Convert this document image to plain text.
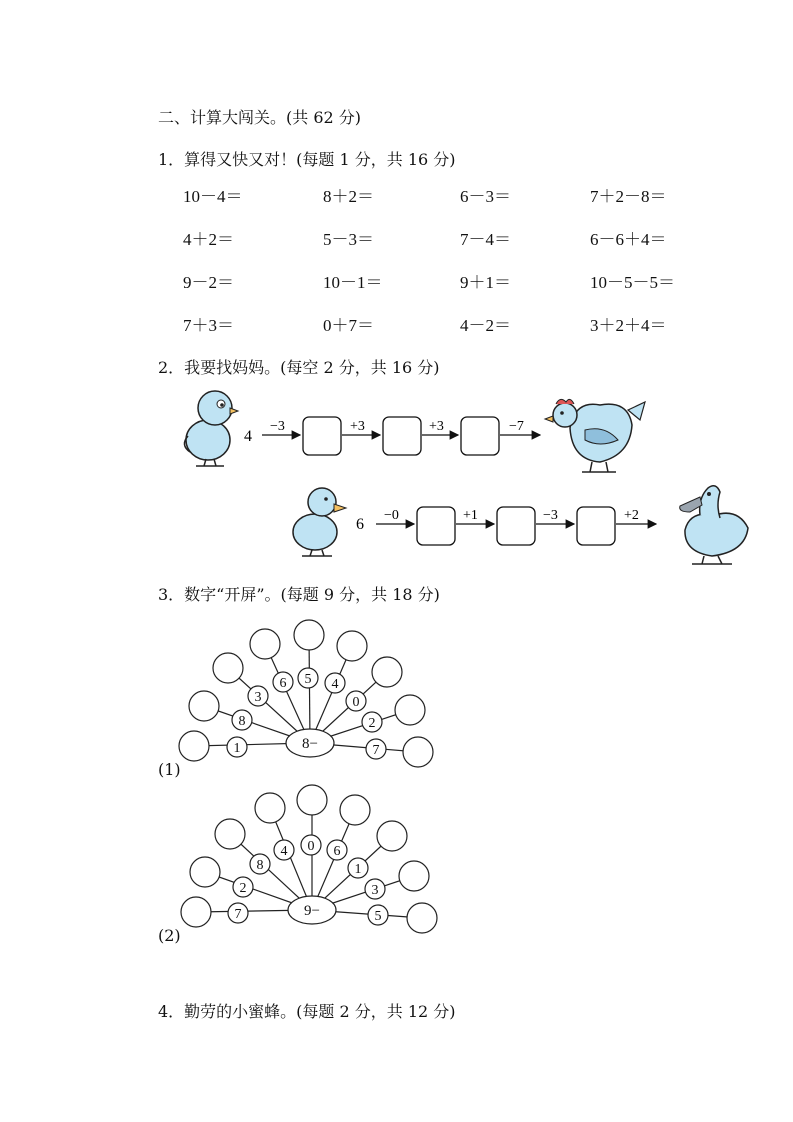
二、计算大闯关。(共 62 分)
1．算得又快又对！(每题 1 分，共 16 分)
10－4＝	8＋2＝	6－3＝	7＋2－8＝
4＋2＝	5－3＝	7－4＝	6－6＋4＝
9－2＝	10－1＝	9＋1＝	10－5－5＝
7＋3＝	0＋7＝	4－2＝	3＋2＋4＝
2．我要找妈妈。(每空 2 分，共 16 分)
4
−3	+3	+3	−7
6
−0	+1	−3	+2
1
8
3
6 5 4
0
2
7
8−
7
2
8
4 0 6
1
3
5
9−
3．数字“开屏”。(每题 9 分，共 18 分)
(1)
(2)
4．勤劳的小蜜蜂。(每题 2 分，共 12 分)
